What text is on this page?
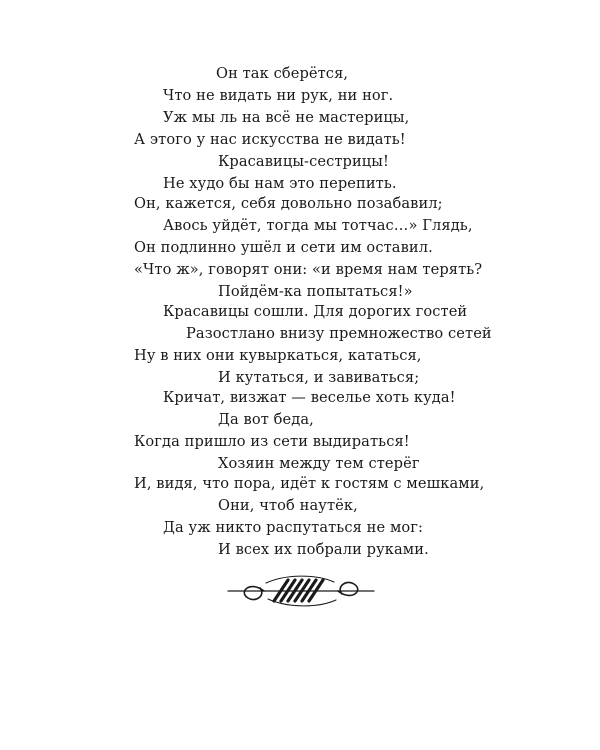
Он так сберётся,
Что не видать ни рук, ни ног.
Уж мы ль на всё не мастерицы,
А этого у нас искусства не видать!
Красавицы-сестрицы!
Не худо бы нам это перепить.
Он, кажется, себя довольно позабавил;
Авось уйдёт, тогда мы тотчас…» Глядь,
Он подлинно ушёл и сети им оставил.
«Что ж», говорят они: «и время нам терять?
Пойдём-ка попытаться!»
Красавицы сошли. Для дорогих гостей
Разостлано внизу премножество сетей
Ну в них они кувыркаться, кататься,
И кутаться, и завиваться;
Кричат, визжат — веселье хоть куда!
Да вот беда,
Когда пришло из сети выдираться!
Хозяин между тем стерёг
И, видя, что пора, идёт к гостям с мешками,
Они, чтоб наутёк,
Да уж никто распутаться не мог:
И всех их побрали руками.
